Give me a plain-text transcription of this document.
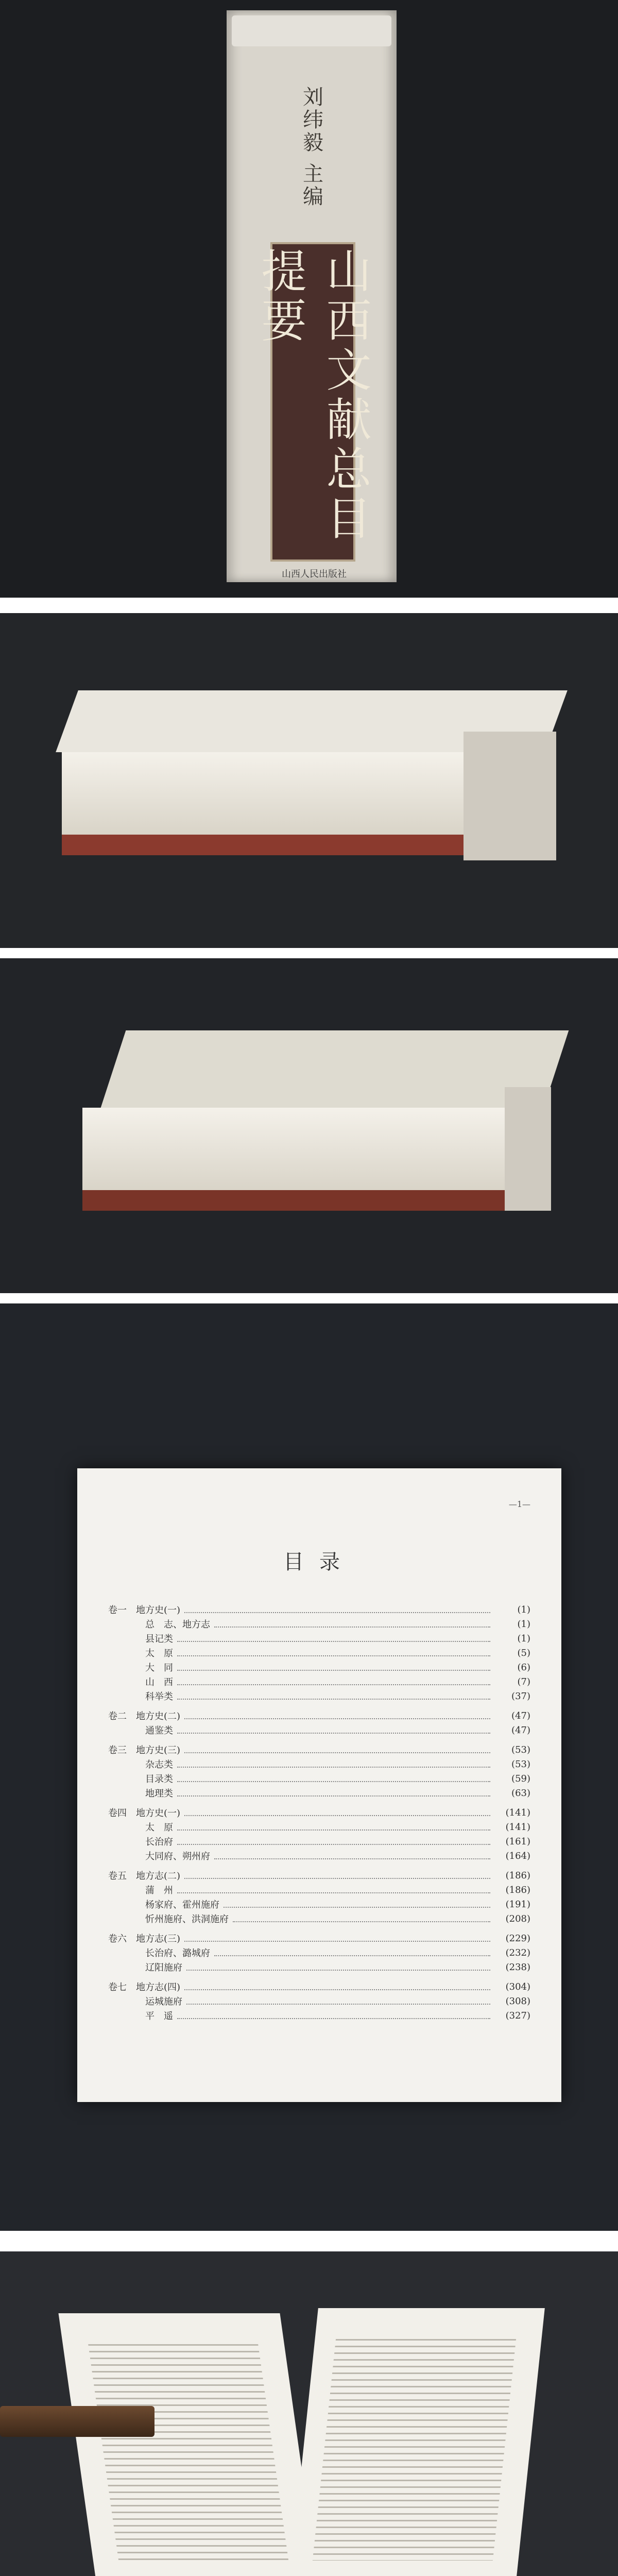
刘纬毅 主编
山西文献总目提要
山西人民出版社
—1—
目录
卷一　地方史(一)	(1)
　　　　总　志、地方志	(1)
　　　　县记类	(1)
　　　　太　原	(5)
　　　　大　同	(6)
　　　　山　西	(7)
　　　　科举类	(37)
卷二　地方史(二)	(47)
　　　　通鉴类	(47)
卷三　地方史(三)	(53)
　　　　杂志类	(53)
　　　　目录类	(59)
　　　　地理类	(63)
卷四　地方史(一)	(141)
　　　　太　原	(141)
　　　　长治府	(161)
　　　　大同府、朔州府	(164)
卷五　地方志(二)	(186)
　　　　蒲　州	(186)
　　　　杨家府、霍州施府	(191)
　　　　忻州施府、洪洞施府	(208)
卷六　地方志(三)	(229)
　　　　长治府、潞城府	(232)
　　　　辽阳施府	(238)
卷七　地方志(四)	(304)
　　　　运城施府	(308)
　　　　平　遥	(327)
